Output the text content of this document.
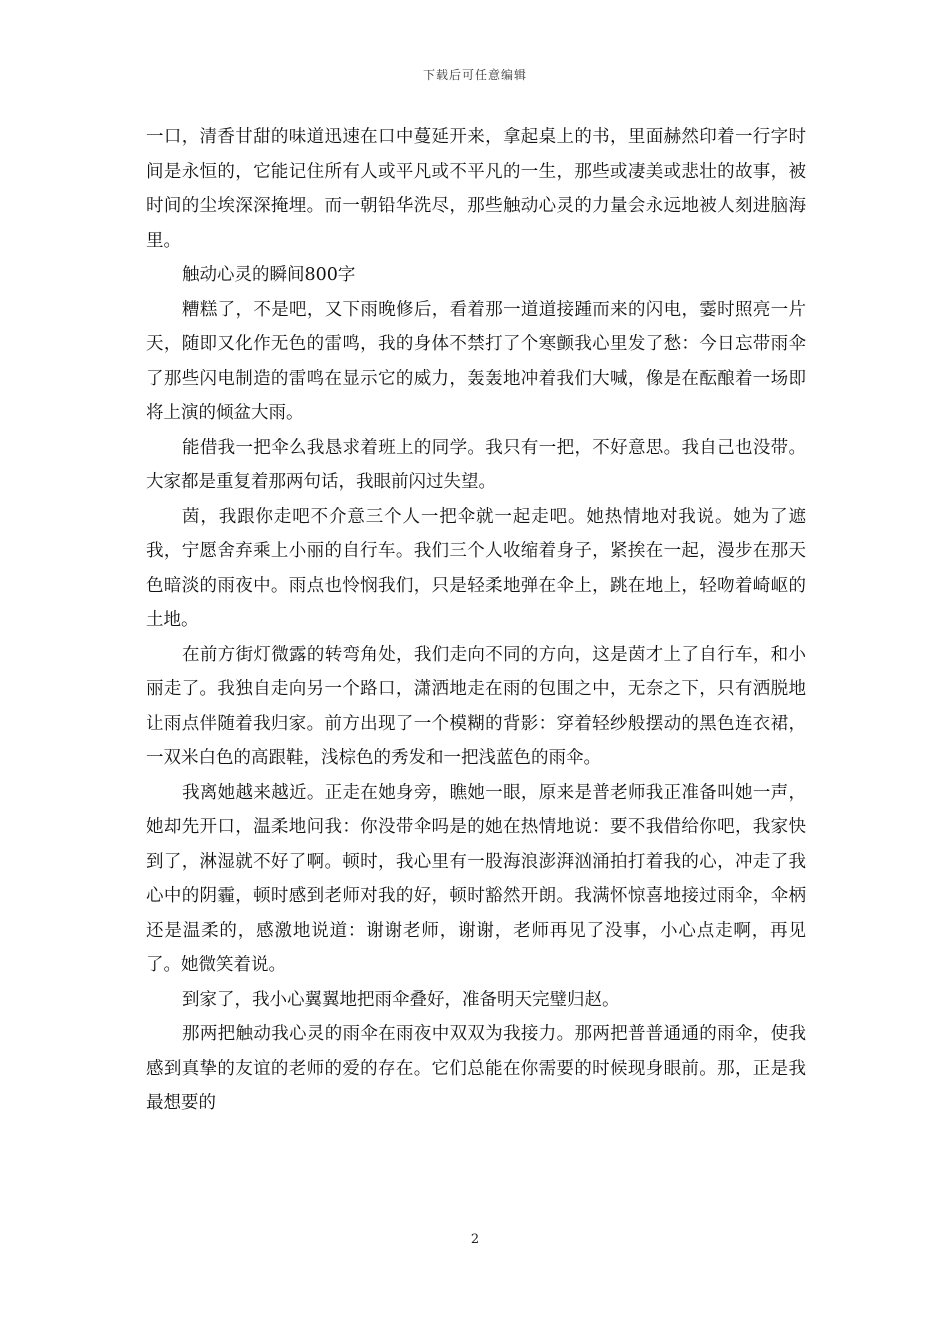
下载后可任意编辑

一口，清香甘甜的味道迅速在口中蔓延开来，拿起桌上的书，里面赫然印着一行字时间是永恒的，它能记住所有人或平凡或不平凡的一生，那些或凄美或悲壮的故事，被时间的尘埃深深掩埋。而一朝铅华洗尽，那些触动心灵的力量会永远地被人刻进脑海里。

触动心灵的瞬间800字

糟糕了，不是吧，又下雨晚修后，看着那一道道接踵而来的闪电，霎时照亮一片天，随即又化作无色的雷鸣，我的身体不禁打了个寒颤我心里发了愁：今日忘带雨伞了那些闪电制造的雷鸣在显示它的威力，轰轰地冲着我们大喊，像是在酝酿着一场即将上演的倾盆大雨。

能借我一把伞么我恳求着班上的同学。我只有一把，不好意思。我自己也没带。大家都是重复着那两句话，我眼前闪过失望。

茵，我跟你走吧不介意三个人一把伞就一起走吧。她热情地对我说。她为了遮我，宁愿舍弃乘上小丽的自行车。我们三个人收缩着身子，紧挨在一起，漫步在那天色暗淡的雨夜中。雨点也怜悯我们，只是轻柔地弹在伞上，跳在地上，轻吻着崎岖的土地。

在前方街灯微露的转弯角处，我们走向不同的方向，这是茵才上了自行车，和小丽走了。我独自走向另一个路口，潇洒地走在雨的包围之中，无奈之下，只有洒脱地让雨点伴随着我归家。前方出现了一个模糊的背影：穿着轻纱般摆动的黑色连衣裙，一双米白色的高跟鞋，浅棕色的秀发和一把浅蓝色的雨伞。

我离她越来越近。正走在她身旁，瞧她一眼，原来是普老师我正准备叫她一声，她却先开口，温柔地问我：你没带伞吗是的她在热情地说：要不我借给你吧，我家快到了，淋湿就不好了啊。顿时，我心里有一股海浪澎湃汹涌拍打着我的心，冲走了我心中的阴霾，顿时感到老师对我的好，顿时豁然开朗。我满怀惊喜地接过雨伞，伞柄还是温柔的，感激地说道：谢谢老师，谢谢，老师再见了没事，小心点走啊，再见了。她微笑着说。

到家了，我小心翼翼地把雨伞叠好，准备明天完璧归赵。

那两把触动我心灵的雨伞在雨夜中双双为我接力。那两把普普通通的雨伞，使我感到真挚的友谊的老师的爱的存在。它们总能在你需要的时候现身眼前。那，正是我最想要的

2
